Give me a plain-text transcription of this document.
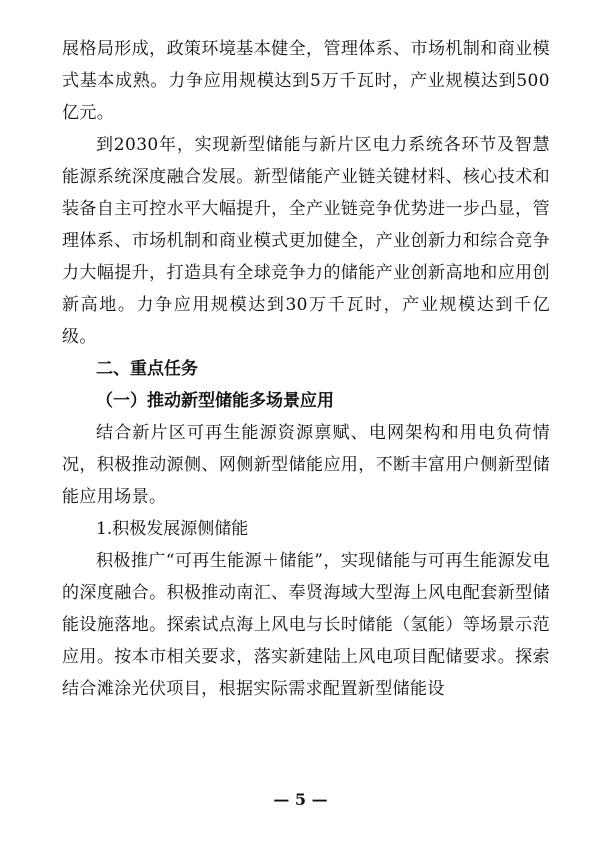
展格局形成，政策环境基本健全，管理体系、市场机制和商业模式基本成熟。力争应用规模达到5万千瓦时，产业规模达到500亿元。

到2030年，实现新型储能与新片区电力系统各环节及智慧能源系统深度融合发展。新型储能产业链关键材料、核心技术和装备自主可控水平大幅提升，全产业链竞争优势进一步凸显，管理体系、市场机制和商业模式更加健全，产业创新力和综合竞争力大幅提升，打造具有全球竞争力的储能产业创新高地和应用创新高地。力争应用规模达到30万千瓦时，产业规模达到千亿级。

二、重点任务

（一）推动新型储能多场景应用

结合新片区可再生能源资源禀赋、电网架构和用电负荷情况，积极推动源侧、网侧新型储能应用，不断丰富用户侧新型储能应用场景。

1.积极发展源侧储能

积极推广“可再生能源＋储能”，实现储能与可再生能源发电的深度融合。积极推动南汇、奉贤海域大型海上风电配套新型储能设施落地。探索试点海上风电与长时储能（氢能）等场景示范应用。按本市相关要求，落实新建陆上风电项目配储要求。探索结合滩涂光伏项目，根据实际需求配置新型储能设

— 5 —
